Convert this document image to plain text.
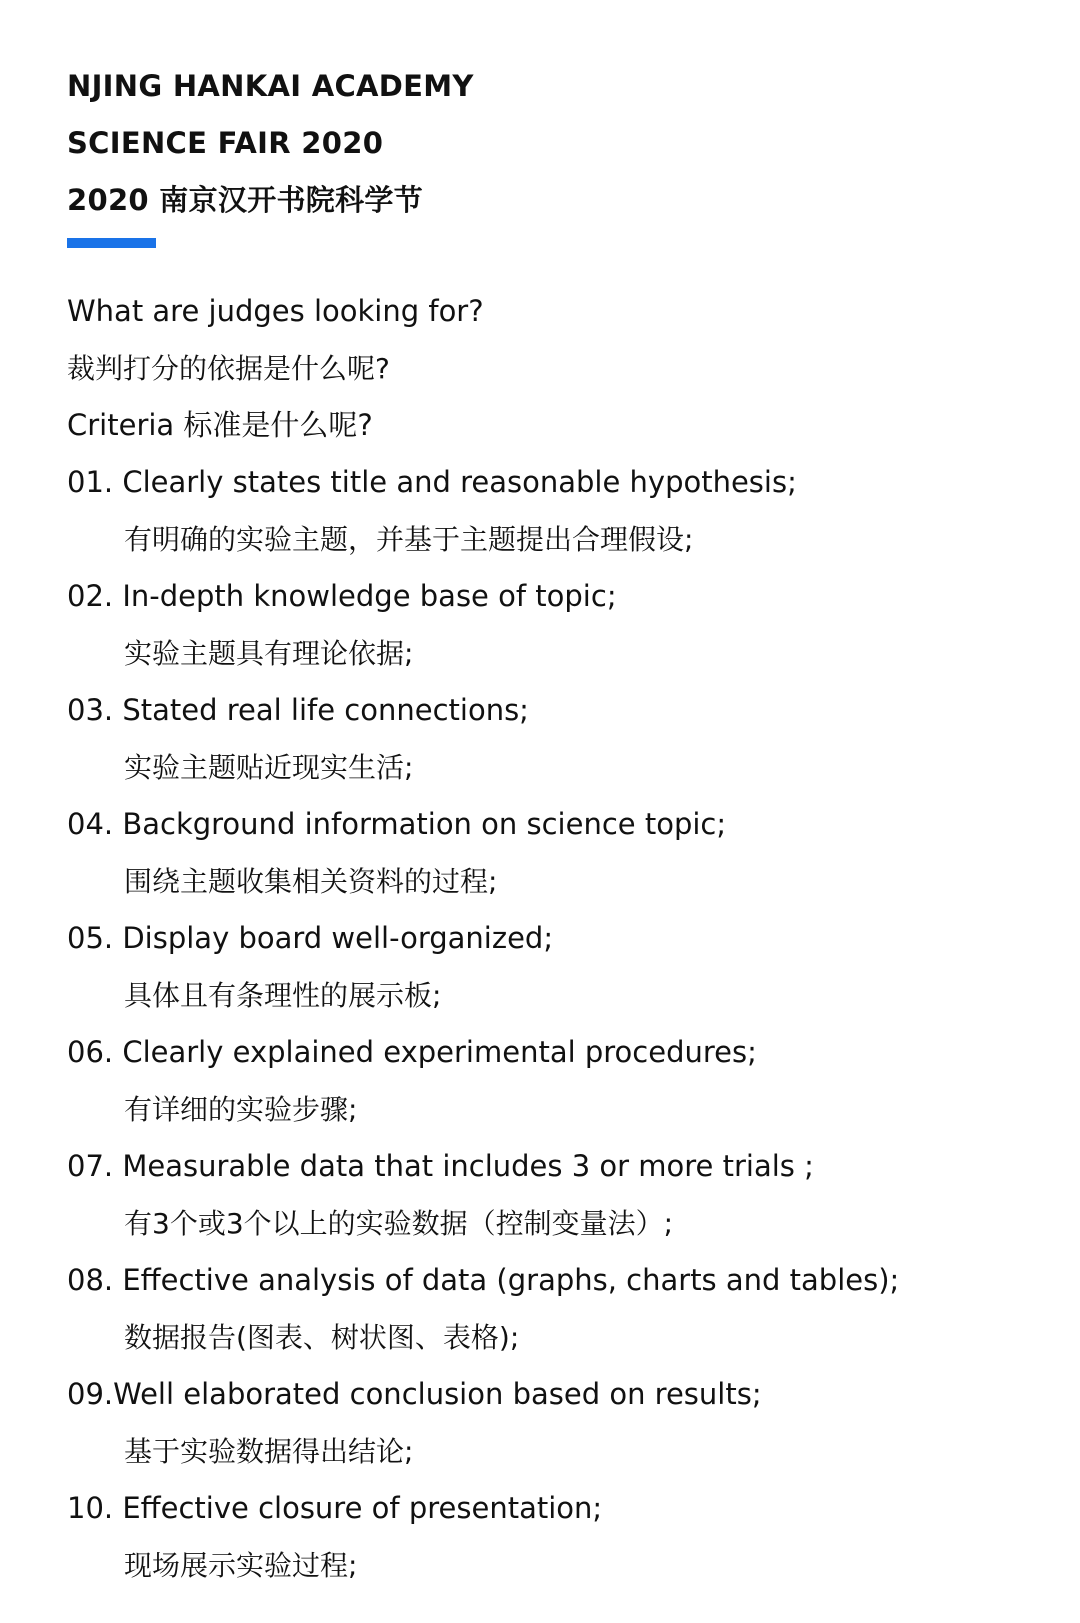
NJING HANKAI ACADEMY
SCIENCE FAIR 2020
2020 南京汉开书院科学节
What are judges looking for?
裁判打分的依据是什么呢?
Criteria 标准是什么呢?
01. Clearly states title and reasonable hypothesis;
有明确的实验主题，并基于主题提出合理假设;
02. In-depth knowledge base of topic;
实验主题具有理论依据;
03. Stated real life connections;
实验主题贴近现实生活;
04. Background information on science topic;
围绕主题收集相关资料的过程;
05. Display board well-organized;
具体且有条理性的展示板;
06. Clearly explained experimental procedures;
有详细的实验步骤;
07. Measurable data that includes 3 or more trials ;
有3个或3个以上的实验数据（控制变量法）;
08. Effective analysis of data (graphs, charts and tables);
数据报告(图表、树状图、表格);
09.Well elaborated conclusion based on results;
基于实验数据得出结论;
10. Effective closure of presentation;
现场展示实验过程;
